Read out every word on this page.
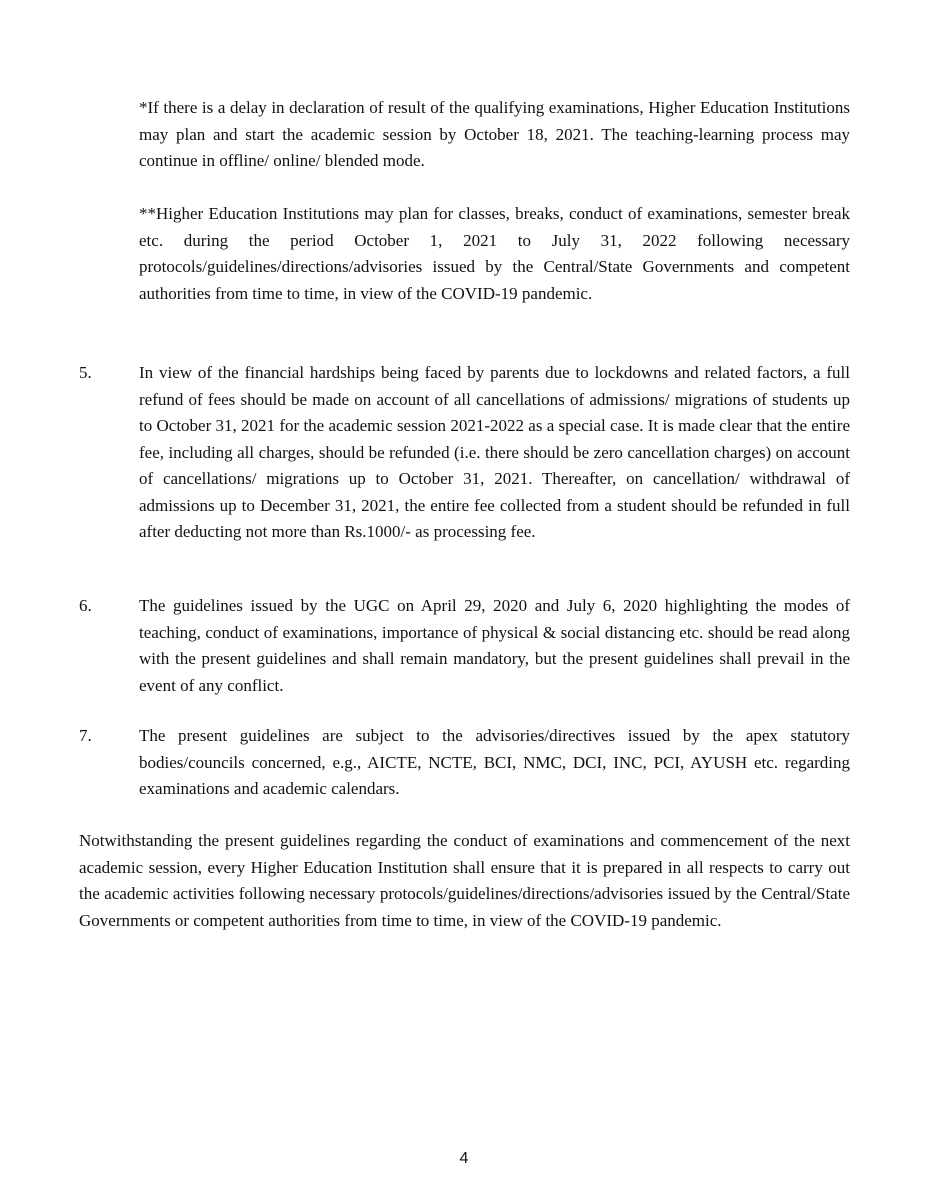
*If there is a delay in declaration of result of the qualifying examinations, Higher Education Institutions may plan and start the academic session by October 18, 2021. The teaching-learning process may continue in offline/ online/ blended mode.

**Higher Education Institutions may plan for classes, breaks, conduct of examinations, semester break etc. during the period October 1, 2021 to July 31, 2022 following necessary protocols/guidelines/directions/advisories issued by the Central/State Governments and competent authorities from time to time, in view of the COVID-19 pandemic.

5.	In view of the financial hardships being faced by parents due to lockdowns and related factors, a full refund of fees should be made on account of all cancellations of admissions/ migrations of students up to October 31, 2021 for the academic session 2021-2022 as a special case. It is made clear that the entire fee, including all charges, should be refunded (i.e. there should be zero cancellation charges) on account of cancellations/ migrations up to October 31, 2021. Thereafter, on cancellation/ withdrawal of admissions up to December 31, 2021, the entire fee collected from a student should be refunded in full after deducting not more than Rs.1000/- as processing fee.

6.	The guidelines issued by the UGC on April 29, 2020 and July 6, 2020 highlighting the modes of teaching, conduct of examinations, importance of physical & social distancing etc. should be read along with the present guidelines and shall remain mandatory, but the present guidelines shall prevail in the event of any conflict.

7.	The present guidelines are subject to the advisories/directives issued by the apex statutory bodies/councils concerned, e.g., AICTE, NCTE, BCI, NMC, DCI, INC, PCI, AYUSH etc. regarding examinations and academic calendars.

Notwithstanding the present guidelines regarding the conduct of examinations and commencement of the next academic session, every Higher Education Institution shall ensure that it is prepared in all respects to carry out the academic activities following necessary protocols/guidelines/directions/advisories issued by the Central/State Governments or competent authorities from time to time, in view of the COVID-19 pandemic.

4
